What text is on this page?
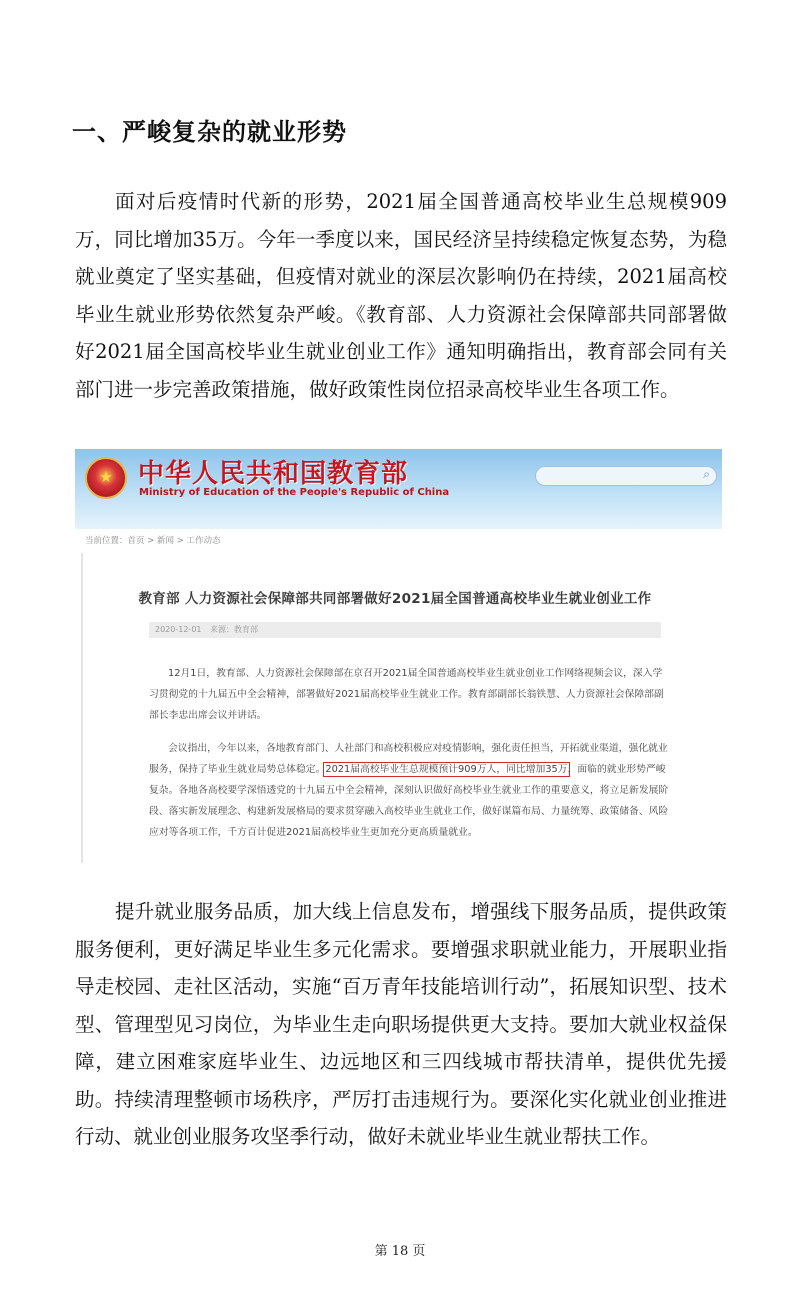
一、严峻复杂的就业形势

面对后疫情时代新的形势，2021届全国普通高校毕业生总规模909万，同比增加35万。今年一季度以来，国民经济呈持续稳定恢复态势，为稳就业奠定了坚实基础，但疫情对就业的深层次影响仍在持续，2021届高校毕业生就业形势依然复杂严峻。《教育部、人力资源社会保障部共同部署做好2021届全国高校毕业生就业创业工作》通知明确指出，教育部会同有关部门进一步完善政策措施，做好政策性岗位招录高校毕业生各项工作。

★ 中华人民共和国教育部
Ministry of Education of the People's Republic of China
⌕
当前位置：首页 > 新闻 > 工作动态
教育部 人力资源社会保障部共同部署做好2021届全国普通高校毕业生就业创业工作
2020-12-01 来源：教育部

12月1日，教育部、人力资源社会保障部在京召开2021届全国普通高校毕业生就业创业工作网络视频会议，深入学习贯彻党的十九届五中全会精神，部署做好2021届高校毕业生就业工作。教育部副部长翁铁慧、人力资源社会保障部副部长李忠出席会议并讲话。

会议指出，今年以来，各地教育部门、人社部门和高校积极应对疫情影响，强化责任担当，开拓就业渠道，强化就业服务，保持了毕业生就业局势总体稳定。2021届高校毕业生总规模预计909万人，同比增加35万，面临的就业形势严峻复杂。各地各高校要学深悟透党的十九届五中全会精神，深刻认识做好高校毕业生就业工作的重要意义，将立足新发展阶段、落实新发展理念、构建新发展格局的要求贯穿融入高校毕业生就业工作，做好谋篇布局、力量统筹、政策储备、风险应对等各项工作，千方百计促进2021届高校毕业生更加充分更高质量就业。

提升就业服务品质，加大线上信息发布，增强线下服务品质，提供政策服务便利，更好满足毕业生多元化需求。要增强求职就业能力，开展职业指导走校园、走社区活动，实施“百万青年技能培训行动”，拓展知识型、技术型、管理型见习岗位，为毕业生走向职场提供更大支持。要加大就业权益保障，建立困难家庭毕业生、边远地区和三四线城市帮扶清单，提供优先援助。持续清理整顿市场秩序，严厉打击违规行为。要深化实化就业创业推进行动、就业创业服务攻坚季行动，做好未就业毕业生就业帮扶工作。

第 18 页
